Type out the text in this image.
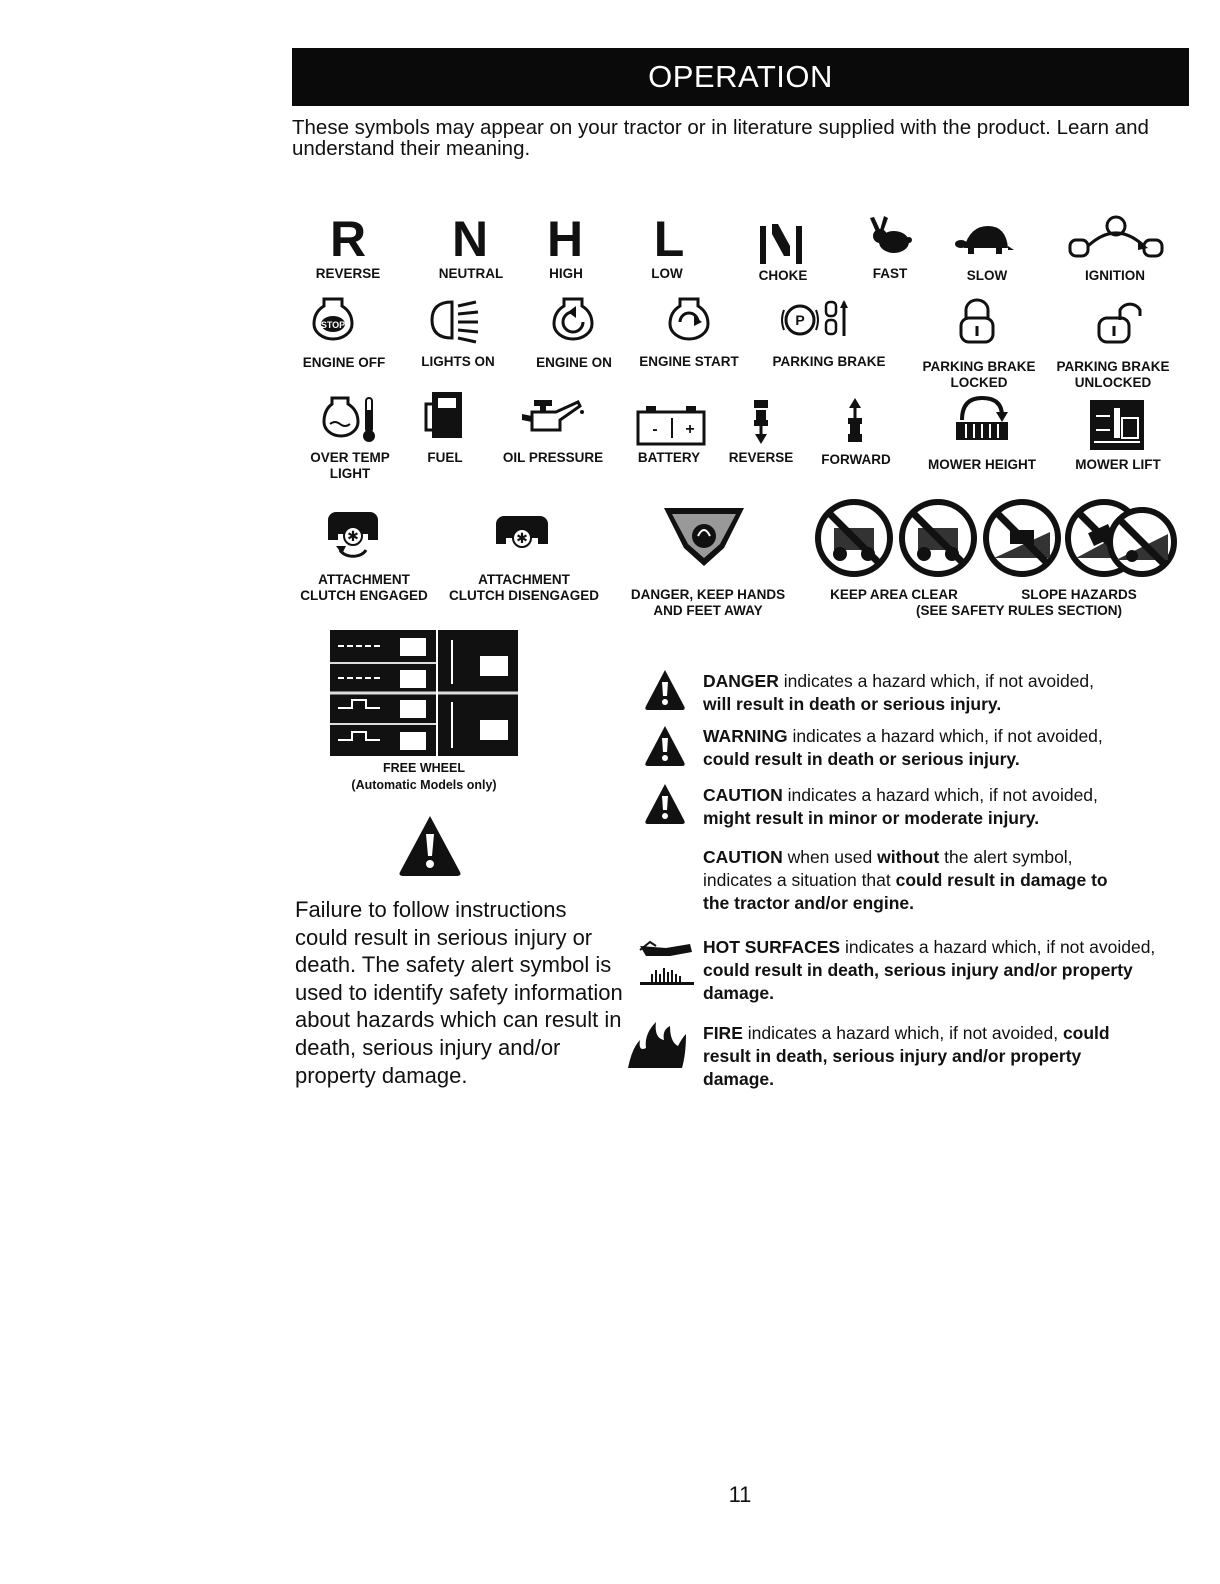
OPERATION
These symbols may appear on your tractor or in literature supplied with the product. Learn and understand their meaning.
R
REVERSE
N
NEUTRAL
H
HIGH
L
LOW	CHOKE	FAST	SLOW	IGNITION
STOP
ENGINE OFF	LIGHTS ON	ENGINE ON	ENGINE START
P
PARKING BRAKE	PARKING BRAKE
LOCKED
PARKING BRAKE
UNLOCKED
OVER TEMP
LIGHT
FUEL	OIL PRESSURE
- +
BATTERY	REVERSE	FORWARD	MOWER HEIGHT	MOWER LIFT
✱
ATTACHMENT
CLUTCH ENGAGED
✱
ATTACHMENT
CLUTCH DISENGAGED	DANGER, KEEP HANDS
AND FEET AWAY
KEEP AREA CLEAR	SLOPE HAZARDS
(SEE SAFETY RULES SECTION)
FREE WHEEL
(Automatic Models only)
Failure to follow instructions could result in serious injury or death. The safety alert symbol is used to identify safety information about hazards which can result in death, serious injury and/or property damage.
DANGER indicates a hazard which, if not avoided,
will result in death or serious injury.
WARNING indicates a hazard which, if not avoided,
could result in death or serious injury.
CAUTION indicates a hazard which, if not avoided,
might result in minor or moderate injury.
CAUTION when used without the alert symbol, indicates a situation that could result in damage to the tractor and/or engine.
HOT SURFACES indicates a hazard which, if not avoided, could result in death, serious injury and/or property damage.
FIRE indicates a hazard which, if not avoided, could result in death, serious injury and/or property damage.
11
